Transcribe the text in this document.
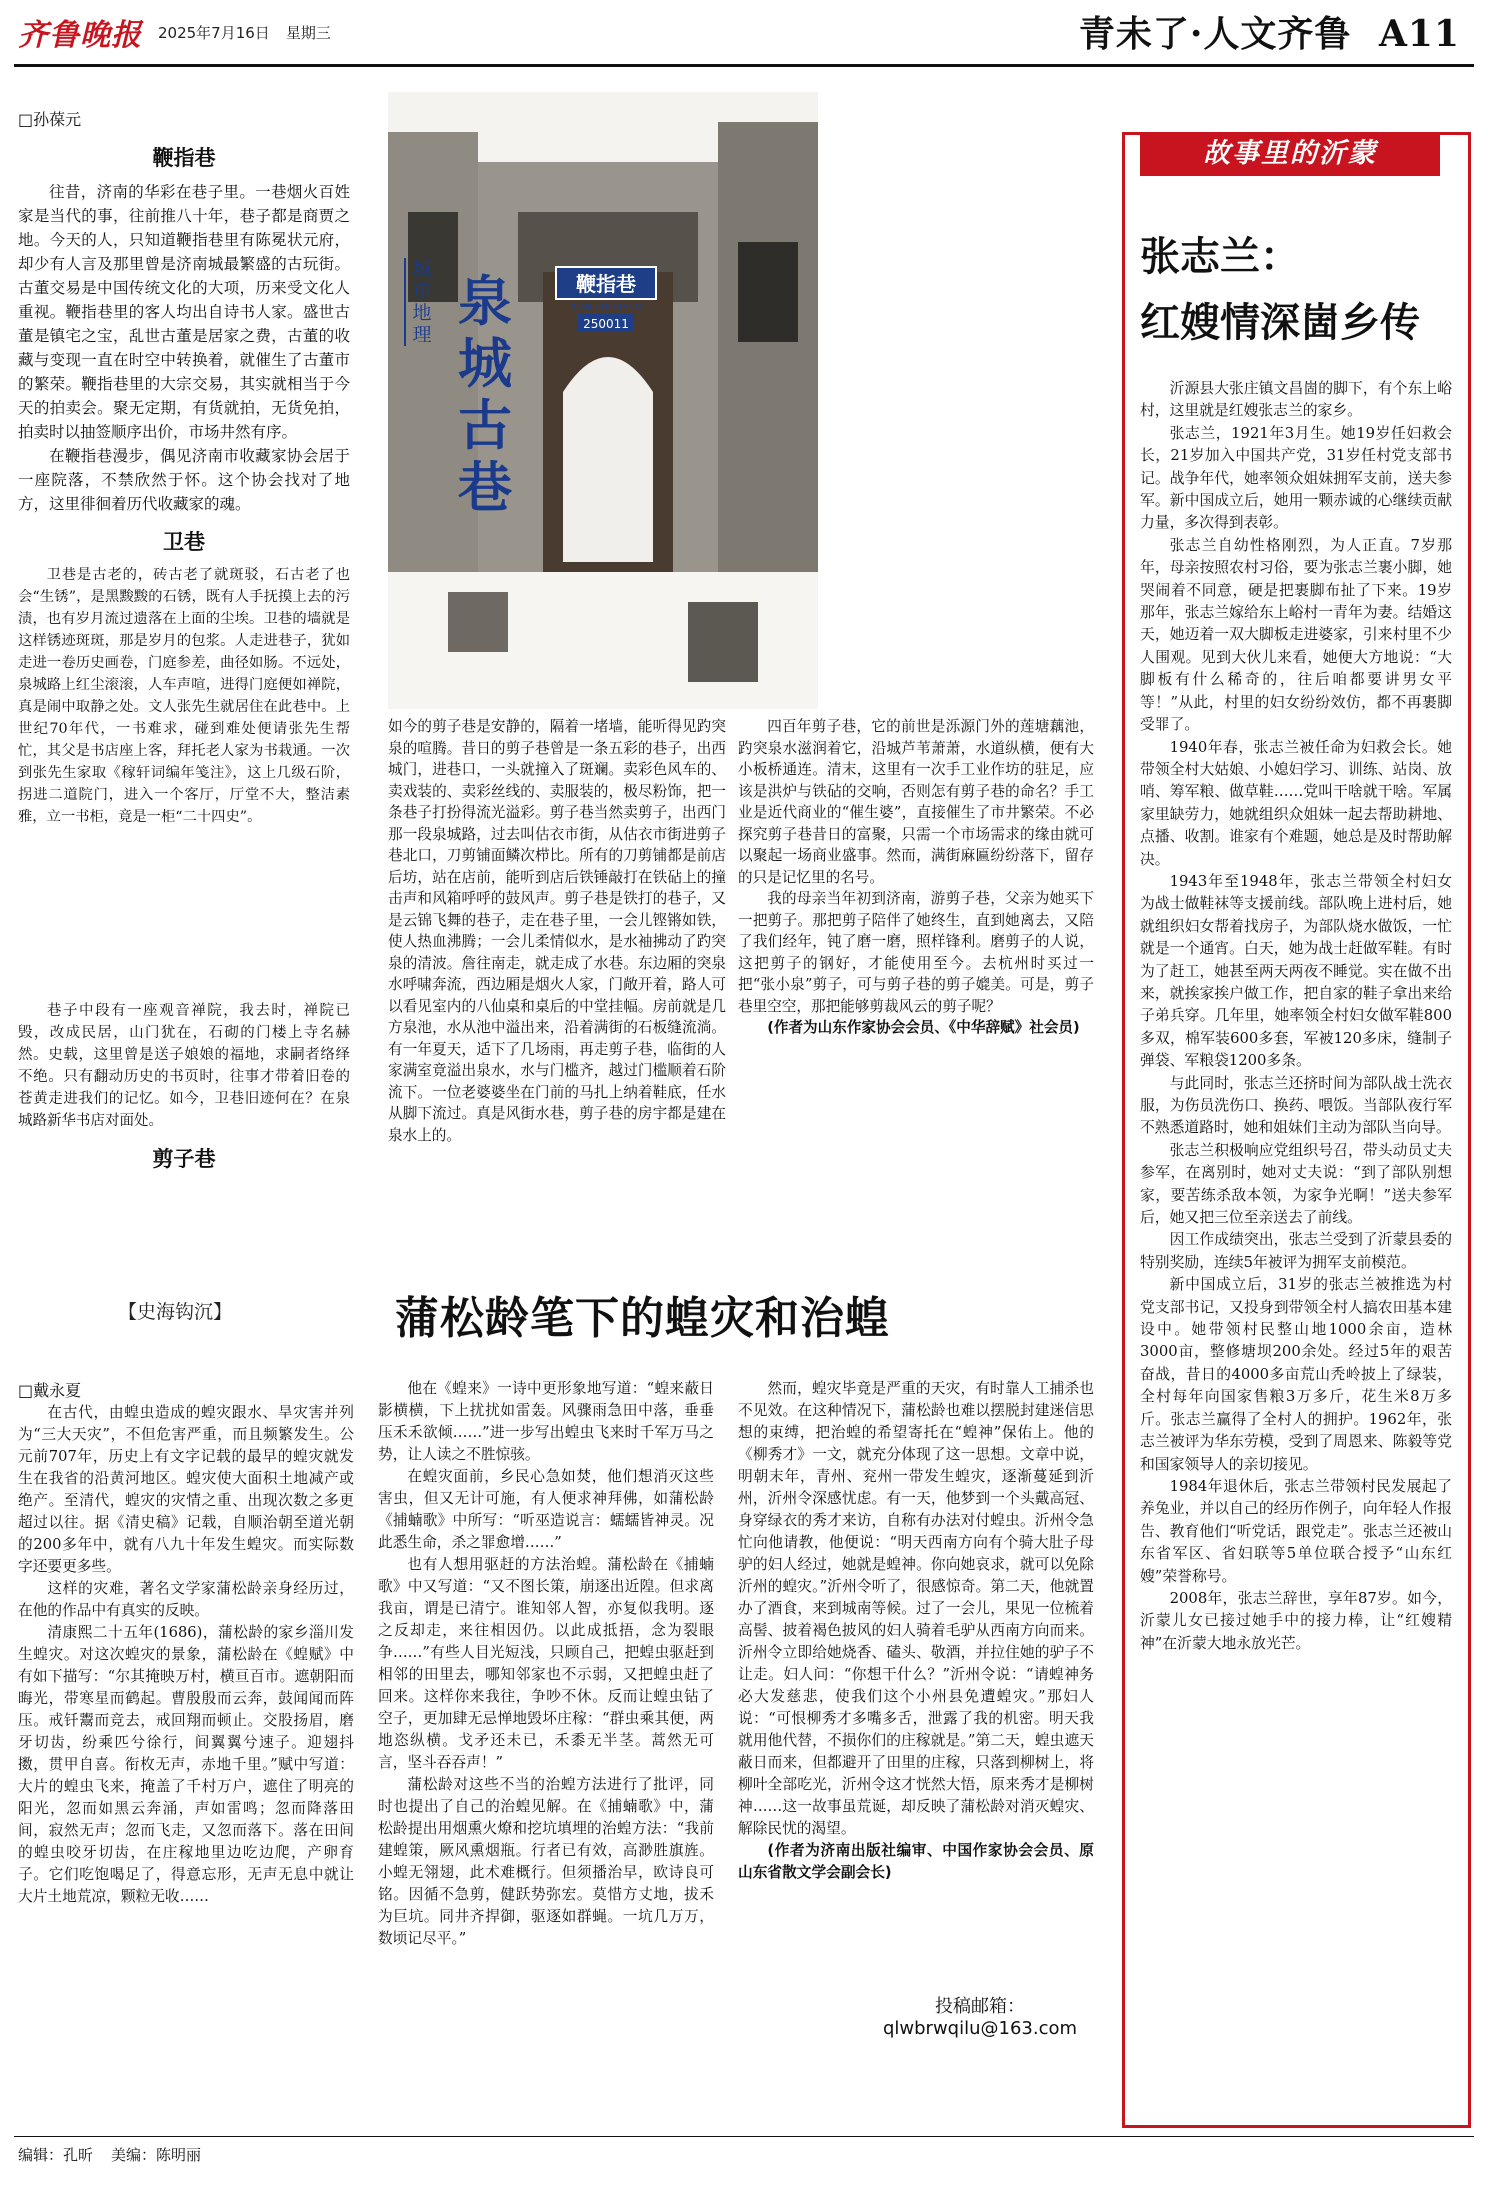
齐鲁晚报 2025年7月16日 星期三	青未了·人文齐鲁 A11
□孙葆元
鞭指巷

往昔，济南的华彩在巷子里。一巷烟火百姓家是当代的事，往前推八十年，巷子都是商贾之地。今天的人，只知道鞭指巷里有陈冕状元府，却少有人言及那里曾是济南城最繁盛的古玩街。古董交易是中国传统文化的大项，历来受文化人重视。鞭指巷里的客人均出自诗书人家。盛世古董是镇宅之宝，乱世古董是居家之费，古董的收藏与变现一直在时空中转换着，就催生了古董市的繁荣。鞭指巷里的大宗交易，其实就相当于今天的拍卖会。聚无定期，有货就拍，无货免拍，拍卖时以抽签顺序出价，市场井然有序。

在鞭指巷漫步，偶见济南市收藏家协会居于一座院落，不禁欣然于怀。这个协会找对了地方，这里徘徊着历代收藏家的魂。

卫巷

卫巷是古老的，砖古老了就斑驳，石古老了也会“生锈”，是黑黢黢的石锈，既有人手抚摸上去的污渍，也有岁月流过遗落在上面的尘埃。卫巷的墙就是这样锈迹斑斑，那是岁月的包浆。人走进巷子，犹如走进一卷历史画卷，门庭参差，曲径如肠。不远处，泉城路上红尘滚滚，人车声喧，进得门庭便如禅院，真是闹中取静之处。文人张先生就居住在此巷中。上世纪70年代，一书难求，碰到难处便请张先生帮忙，其父是书店座上客，拜托老人家为书栽通。一次到张先生家取《稼轩词编年笺注》，这上几级石阶，拐进二道院门，进入一个客厅，厅堂不大，整洁素雅，立一书柜，竟是一柜“二十四史”。

巷子中段有一座观音禅院，我去时，禅院已毁，改成民居，山门犹在，石砌的门楼上寺名赫然。史载，这里曾是送子娘娘的福地，求嗣者络绎不绝。只有翻动历史的书页时，往事才带着旧卷的苍黄走进我们的记忆。如今，卫巷旧迹何在？在泉城路新华书店对面处。

剪子巷
鞭指巷
BIAN ZHI XIANG
250011
城市地理
泉城古巷

如今的剪子巷是安静的，隔着一堵墙，能听得见趵突泉的喧腾。昔日的剪子巷曾是一条五彩的巷子，出西城门，进巷口，一头就撞入了斑斓。卖彩色风车的、卖戏装的、卖彩丝线的、卖服装的，极尽粉饰，把一条巷子打扮得流光溢彩。剪子巷当然卖剪子，出西门那一段泉城路，过去叫估衣市街，从估衣市街进剪子巷北口，刀剪铺面鳞次栉比。所有的刀剪铺都是前店后坊，站在店前，能听到店后铁锤敲打在铁砧上的撞击声和风箱呼呼的鼓风声。剪子巷是铁打的巷子，又是云锦飞舞的巷子，走在巷子里，一会儿铿锵如铁，使人热血沸腾；一会儿柔情似水，是水袖拂动了趵突泉的清波。詹往南走，就走成了水巷。东边厢的突泉水呼啸奔流，西边厢是烟火人家，门敞开着，路人可以看见室内的八仙桌和桌后的中堂挂幅。房前就是几方泉池，水从池中溢出来，沿着满街的石板缝流淌。有一年夏天，适下了几场雨，再走剪子巷，临街的人家满室竟溢出泉水，水与门槛齐，越过门槛顺着石阶流下。一位老婆婆坐在门前的马扎上纳着鞋底，任水从脚下流过。真是风街水巷，剪子巷的房宇都是建在泉水上的。

四百年剪子巷，它的前世是泺源门外的莲塘藕池，趵突泉水滋润着它，沿城芦苇萧萧，水道纵横，便有大小板桥通连。清末，这里有一次手工业作坊的驻足，应该是洪炉与铁砧的交响，否则怎有剪子巷的命名？手工业是近代商业的“催生婆”，直接催生了市井繁荣。不必探究剪子巷昔日的富聚，只需一个市场需求的缘由就可以聚起一场商业盛事。然而，满街麻匾纷纷落下，留存的只是记忆里的名号。

我的母亲当年初到济南，游剪子巷，父亲为她买下一把剪子。那把剪子陪伴了她终生，直到她离去，又陪了我们经年，钝了磨一磨，照样锋利。磨剪子的人说，这把剪子的钢好，才能使用至今。去杭州时买过一把“张小泉”剪子，可与剪子巷的剪子媲美。可是，剪子巷里空空，那把能够剪裁风云的剪子呢？

(作者为山东作家协会会员、《中华辞赋》社会员)

【史海钩沉】	蒲松龄笔下的蝗灾和治蝗
□戴永夏

在古代，由蝗虫造成的蝗灾跟水、旱灾害并列为“三大天灾”，不但危害严重，而且频繁发生。公元前707年，历史上有文字记载的最早的蝗灾就发生在我省的沿黄河地区。蝗灾使大面积土地减产或绝产。至清代，蝗灾的灾情之重、出现次数之多更超过以往。据《清史稿》记载，自顺治朝至道光朝的200多年中，就有八九十年发生蝗灾。而实际数字还要更多些。

这样的灾难，著名文学家蒲松龄亲身经历过，在他的作品中有真实的反映。

清康熙二十五年(1686)，蒲松龄的家乡淄川发生蝗灾。对这次蝗灾的景象，蒲松龄在《蝗赋》中有如下描写：“尔其掩映万村，横亘百市。遮朝阳而晦光，带寒星而鹤起。曹殷殷而云奔，鼓闻闻而阵压。戒钎鬻而竞去，戒回翔而顿止。交股扬眉，磨牙切齿，纷乘匹兮徐行，间翼翼兮速子。迎翅抖擞，贯甲自喜。衔枚无声，赤地千里。”赋中写道：大片的蝗虫飞来，掩盖了千村万户，遮住了明亮的阳光，忽而如黑云奔涌，声如雷鸣；忽而降落田间，寂然无声；忽而飞走，又忽而落下。落在田间的蝗虫咬牙切齿，在庄稼地里边吃边爬，产卵育子。它们吃饱喝足了，得意忘形，无声无息中就让大片土地荒凉，颗粒无收……

他在《蝗来》一诗中更形象地写道：“蝗来蔽日影横横，下上扰扰如雷轰。风骤雨急田中落，垂垂压禾禾欲倾……”进一步写出蝗虫飞来时千军万马之势，让人读之不胜惊骇。

在蝗灾面前，乡民心急如焚，他们想消灭这些害虫，但又无计可施，有人便求神拜佛，如蒲松龄《捕蝻歌》中所写：“听巫造说言：蠕蠕皆神灵。况此悉生命，杀之罪愈增……”

也有人想用驱赶的方法治蝗。蒲松龄在《捕蝻歌》中又写道：“又不图长策，崩逐出近隍。但求离我亩，谓是已清宁。谁知邻人智，亦复似我明。逐之反却走，来往相因仍。以此成抵捂，念为裂眼争……”有些人目光短浅，只顾自己，把蝗虫驱赶到相邻的田里去，哪知邻家也不示弱，又把蝗虫赶了回来。这样你来我往，争吵不休。反而让蝗虫钻了空子，更加肆无忌惮地毁坏庄稼：“群虫乘其便，两地恣纵横。戈矛还未已，禾黍无半茎。蒿然无可言，坚斗吞吞声！”

蒲松龄对这些不当的治蝗方法进行了批评，同时也提出了自己的治蝗见解。在《捕蝻歌》中，蒲松龄提出用烟熏火燎和挖坑填埋的治蝗方法：“我前建蝗策，厥风熏烟瓶。行者已有效，高渺胜旗旌。小蝗无翎翅，此术难概行。但须播治早，欧诗良可铭。因循不急剪，健跃势弥宏。莫惜方丈地，拔禾为巨坑。同井齐捍御，驱逐如群蝇。一坑几万万，数顷记尽平。”

然而，蝗灾毕竟是严重的天灾，有时靠人工捕杀也不见效。在这种情况下，蒲松龄也难以摆脱封建迷信思想的束缚，把治蝗的希望寄托在“蝗神”保佑上。他的《柳秀才》一文，就充分体现了这一思想。文章中说，明朝末年，青州、兖州一带发生蝗灾，逐渐蔓延到沂州，沂州令深感忧虑。有一天，他梦到一个头戴高冠、身穿绿衣的秀才来访，自称有办法对付蝗虫。沂州令急忙向他请教，他便说：“明天西南方向有个骑大肚子母驴的妇人经过，她就是蝗神。你向她哀求，就可以免除沂州的蝗灾。”沂州令听了，很感惊奇。第二天，他就置办了酒食，来到城南等候。过了一会儿，果见一位梳着高髻、披着褐色披风的妇人骑着毛驴从西南方向而来。沂州令立即给她烧香、磕头、敬酒，并拉住她的驴子不让走。妇人问：“你想干什么？”沂州令说：“请蝗神务必大发慈悲，使我们这个小州县免遭蝗灾。”那妇人说：“可恨柳秀才多嘴多舌，泄露了我的机密。明天我就用他代替，不损你们的庄稼就是。”第二天，蝗虫遮天蔽日而来，但都避开了田里的庄稼，只落到柳树上，将柳叶全部吃光，沂州令这才恍然大悟，原来秀才是柳树神……这一故事虽荒诞，却反映了蒲松龄对消灭蝗灾、解除民忧的渴望。

(作者为济南出版社编审、中国作家协会会员、原山东省散文学会副会长)

投稿邮箱：
qlwbrwqilu@163.com
故事里的沂蒙
张志兰：
红嫂情深崮乡传

沂源县大张庄镇文昌崮的脚下，有个东上峪村，这里就是红嫂张志兰的家乡。

张志兰，1921年3月生。她19岁任妇救会长，21岁加入中国共产党，31岁任村党支部书记。战争年代，她率领众姐妹拥军支前，送夫参军。新中国成立后，她用一颗赤诚的心继续贡献力量，多次得到表彰。

张志兰自幼性格刚烈，为人正直。7岁那年，母亲按照农村习俗，要为张志兰裹小脚，她哭闹着不同意，硬是把裹脚布扯了下来。19岁那年，张志兰嫁给东上峪村一青年为妻。结婚这天，她迈着一双大脚板走进婆家，引来村里不少人围观。见到大伙儿来看，她便大方地说：“大脚板有什么稀奇的，往后咱都要讲男女平等！”从此，村里的妇女纷纷效仿，都不再裹脚受罪了。

1940年春，张志兰被任命为妇救会长。她带领全村大姑娘、小媳妇学习、训练、站岗、放哨、筹军粮、做草鞋……党叫干啥就干啥。军属家里缺劳力，她就组织众姐妹一起去帮助耕地、点播、收割。谁家有个难题，她总是及时帮助解决。

1943年至1948年，张志兰带领全村妇女为战士做鞋袜等支援前线。部队晚上进村后，她就组织妇女帮着找房子，为部队烧水做饭，一忙就是一个通宵。白天，她为战士赶做军鞋。有时为了赶工，她甚至两天两夜不睡觉。实在做不出来，就挨家挨户做工作，把自家的鞋子拿出来给子弟兵穿。几年里，她率领全村妇女做军鞋800多双，棉军装600多套，军被120多床，缝制子弹袋、军粮袋1200多条。

与此同时，张志兰还挤时间为部队战士洗衣服，为伤员洗伤口、换药、喂饭。当部队夜行军不熟悉道路时，她和姐妹们主动为部队当向导。

张志兰积极响应党组织号召，带头动员丈夫参军，在离别时，她对丈夫说：“到了部队别想家，要苦练杀敌本领，为家争光啊！”送夫参军后，她又把三位至亲送去了前线。

因工作成绩突出，张志兰受到了沂蒙县委的特别奖励，连续5年被评为拥军支前模范。

新中国成立后，31岁的张志兰被推选为村党支部书记，又投身到带领全村人搞农田基本建设中。她带领村民整山地1000余亩，造林3000亩，整修塘坝200余处。经过5年的艰苦奋战，昔日的4000多亩荒山秃岭披上了绿装，全村每年向国家售粮3万多斤，花生米8万多斤。张志兰赢得了全村人的拥护。1962年，张志兰被评为华东劳模，受到了周恩来、陈毅等党和国家领导人的亲切接见。

1984年退休后，张志兰带领村民发展起了养兔业，并以自己的经历作例子，向年轻人作报告、教育他们“听党话，跟党走”。张志兰还被山东省军区、省妇联等5单位联合授予“山东红嫂”荣誉称号。

2008年，张志兰辞世，享年87岁。如今，沂蒙儿女已接过她手中的接力棒，让“红嫂精神”在沂蒙大地永放光芒。

编辑：孔昕 美编：陈明丽
